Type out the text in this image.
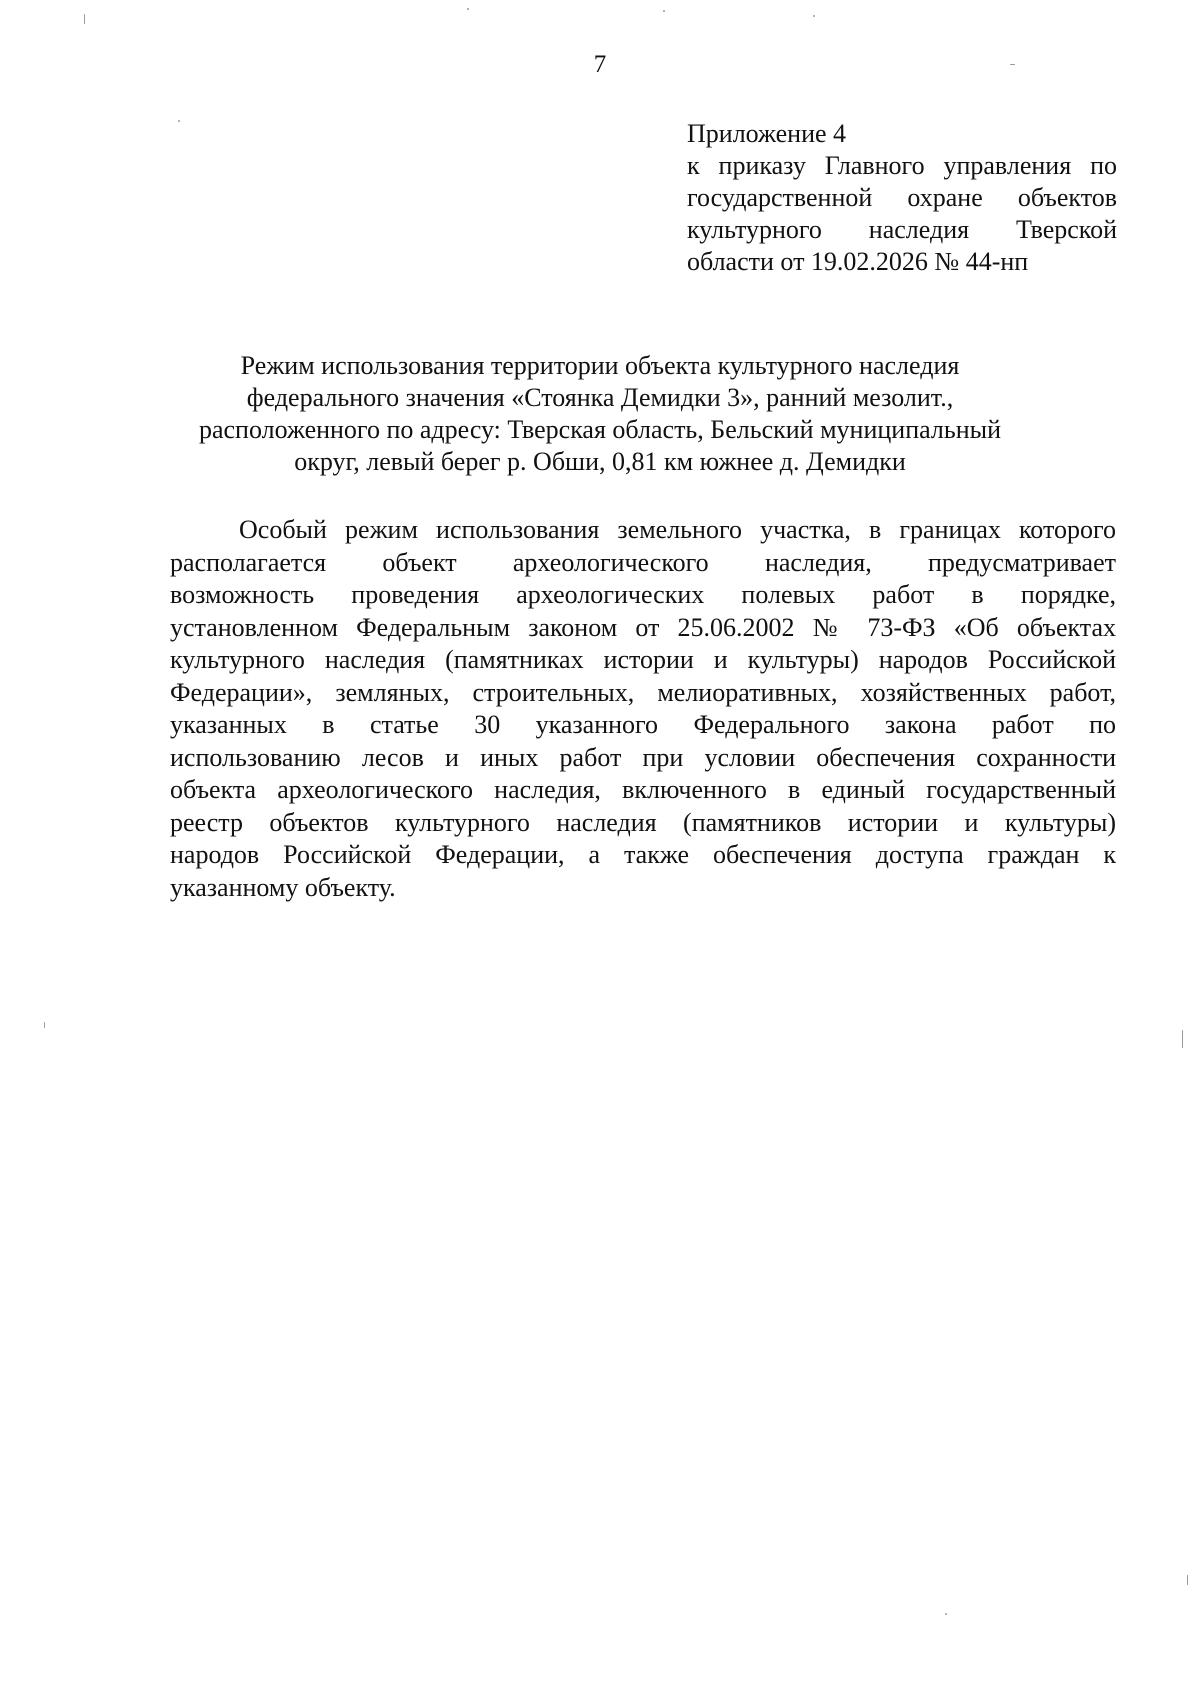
7
Приложение 4
к приказу Главного управления по
государственной охране объектов
культурного наследия Тверской
области от 19.02.2026 № 44-нп
Режим использования территории объекта культурного наследия
федерального значения «Стоянка Демидки 3», ранний мезолит.,
расположенного по адресу: Тверская область, Бельский муниципальный
округ, левый берег р. Обши, 0,81 км южнее д. Демидки
Особый режим использования земельного участка, в границах которого
располагается объект археологического наследия, предусматривает
возможность проведения археологических полевых работ в порядке,
установленном Федеральным законом от 25.06.2002 № 73-ФЗ «Об объектах
культурного наследия (памятниках истории и культуры) народов Российской
Федерации», земляных, строительных, мелиоративных, хозяйственных работ,
указанных в статье 30 указанного Федерального закона работ по
использованию лесов и иных работ при условии обеспечения сохранности
объекта археологического наследия, включенного в единый государственный
реестр объектов культурного наследия (памятников истории и культуры)
народов Российской Федерации, а также обеспечения доступа граждан к
указанному объекту.
